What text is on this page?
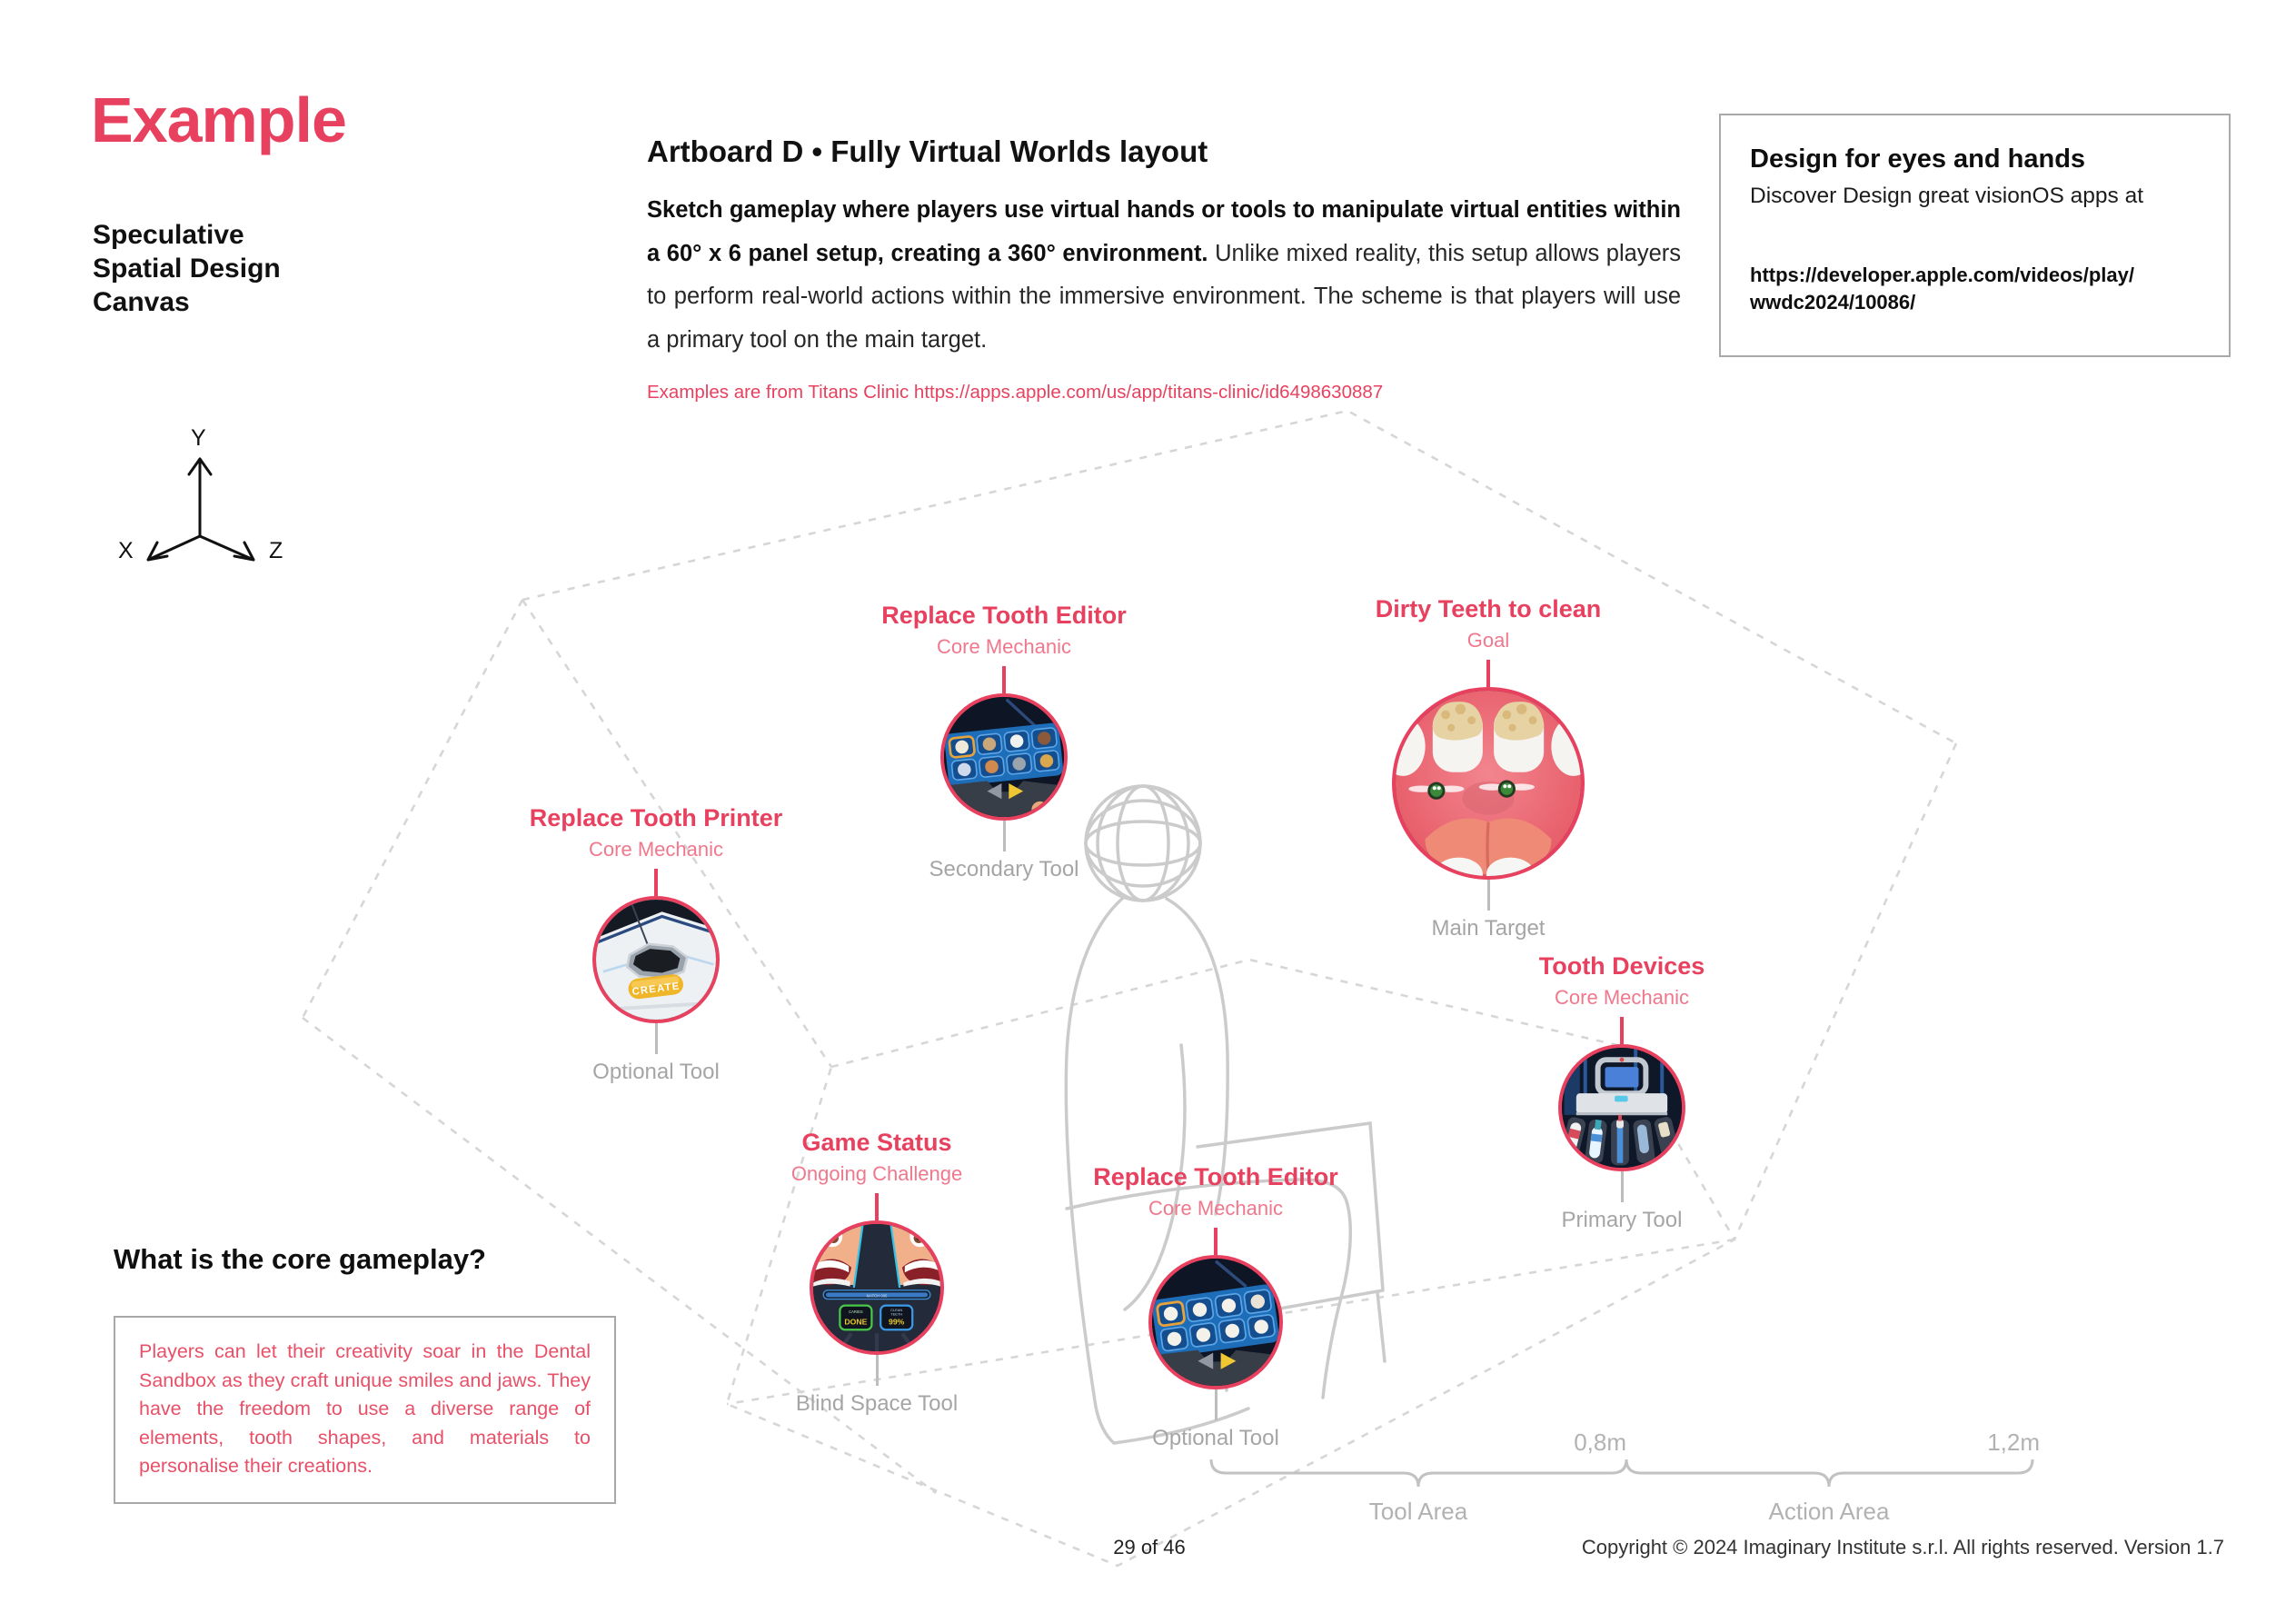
Example
Speculative
Spatial Design
Canvas
Y
X	Z
Artboard D • Fully Virtual Worlds layout
Sketch gameplay where players use virtual hands or tools to manipulate virtual entities within a 60° x 6 panel setup, creating a 360° environment. Unlike mixed reality, this setup allows players to perform real-world actions within the immersive environment. The scheme is that players will use a primary tool on the main target.
Examples are from Titans Clinic https://apps.apple.com/us/app/titans-clinic/id6498630887
Design for eyes and hands
Discover Design great visionOS apps at
https://developer.apple.com/videos/play/
wwdc2024/10086/
Replace Tooth Editor
Core Mechanic
Secondary Tool
Dirty Teeth to clean
Goal
Main Target
Replace Tooth Printer
Core Mechanic
CREATE
Optional Tool
Tooth Devices
Core Mechanic
Primary Tool
Game Status
Ongoing Challenge
MATCH 005
CARIES
DONE
CLEAN
TEETH
99%
Blind Space Tool
Replace Tooth Editor
Core Mechanic
Optional Tool
What is the core gameplay?
Players can let their creativity soar in the Dental Sandbox as they craft unique smiles and jaws. They have the freedom to use a diverse range of elements, tooth shapes, and materials to personalise their creations.
0,8m	1,2m
Tool Area	Action Area
29 of 46	Copyright © 2024 Imaginary Institute s.r.l. All rights reserved. Version 1.7
